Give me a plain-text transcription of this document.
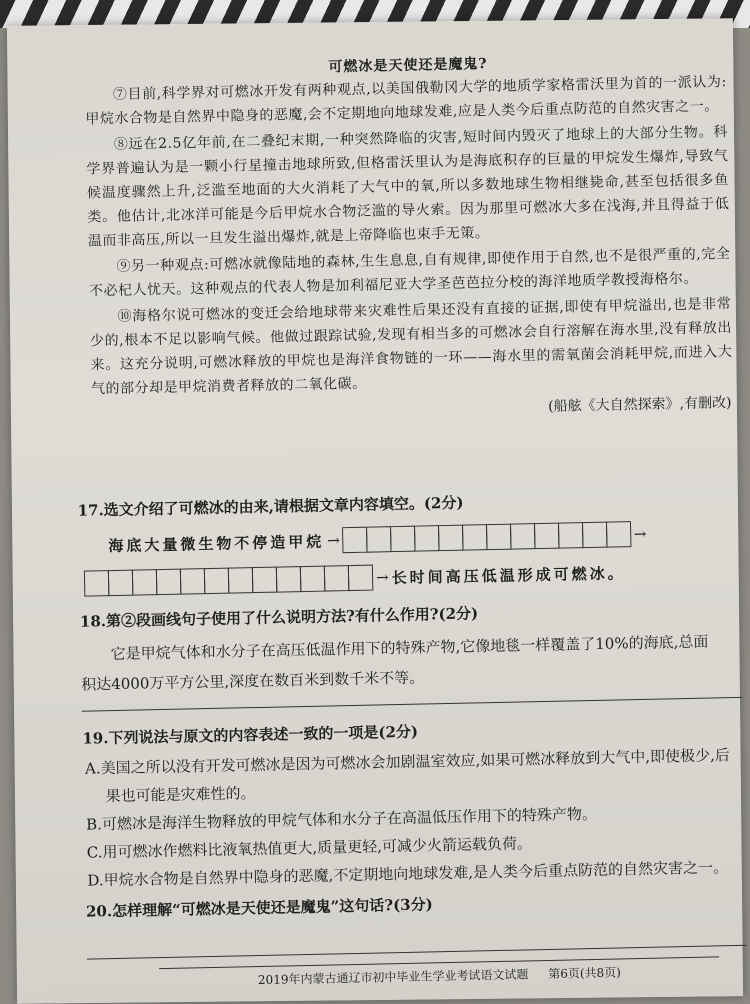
可燃冰是天使还是魔鬼?

⑦目前,科学界对可燃冰开发有两种观点,以美国俄勒冈大学的地质学家格雷沃里为首的一派认为:甲烷水合物是自然界中隐身的恶魔,会不定期地向地球发难,应是人类今后重点防范的自然灾害之一。

⑧远在2.5亿年前,在二叠纪末期,一种突然降临的灾害,短时间内毁灭了地球上的大部分生物。科学界普遍认为是一颗小行星撞击地球所致,但格雷沃里认为是海底积存的巨量的甲烷发生爆炸,导致气候温度骤然上升,泛滥至地面的大火消耗了大气中的氧,所以多数地球生物相继毙命,甚至包括很多鱼类。他估计,北冰洋可能是今后甲烷水合物泛滥的导火索。因为那里可燃冰大多在浅海,并且得益于低温而非高压,所以一旦发生溢出爆炸,就是上帝降临也束手无策。

⑨另一种观点:可燃冰就像陆地的森林,生生息息,自有规律,即使作用于自然,也不是很严重的,完全不必杞人忧天。这种观点的代表人物是加利福尼亚大学圣芭芭拉分校的海洋地质学教授海格尔。

⑩海格尔说可燃冰的变迁会给地球带来灾难性后果还没有直接的证据,即使有甲烷溢出,也是非常少的,根本不足以影响气候。他做过跟踪试验,发现有相当多的可燃冰会自行溶解在海水里,没有释放出来。这充分说明,可燃冰释放的甲烷也是海洋食物链的一环——海水里的需氧菌会消耗甲烷,而进入大气的部分却是甲烷消费者释放的二氧化碳。

(船舷《大自然探索》,有删改)

17.选文介绍了可燃冰的由来,请根据文章内容填空。(2分)

海底大量微生物不停造甲烷 →	→
→ 长时间高压低温形成可燃冰。

18.第②段画线句子使用了什么说明方法?有什么作用?(2分)

它是甲烷气体和水分子在高压低温作用下的特殊产物,它像地毯一样覆盖了10%的海底,总面积达4000万平方公里,深度在数百米到数千米不等。

19.下列说法与原文的内容表述一致的一项是(2分)

A.美国之所以没有开发可燃冰是因为可燃冰会加剧温室效应,如果可燃冰释放到大气中,即使极少,后果也可能是灾难性的。

B.可燃冰是海洋生物释放的甲烷气体和水分子在高温低压作用下的特殊产物。

C.用可燃冰作燃料比液氧热值更大,质量更轻,可减少火箭运载负荷。

D.甲烷水合物是自然界中隐身的恶魔,不定期地向地球发难,是人类今后重点防范的自然灾害之一。

20.怎样理解“可燃冰是天使还是魔鬼”这句话?(3分)

2019年内蒙古通辽市初中毕业生学业考试语文试题 第6页(共8页)
